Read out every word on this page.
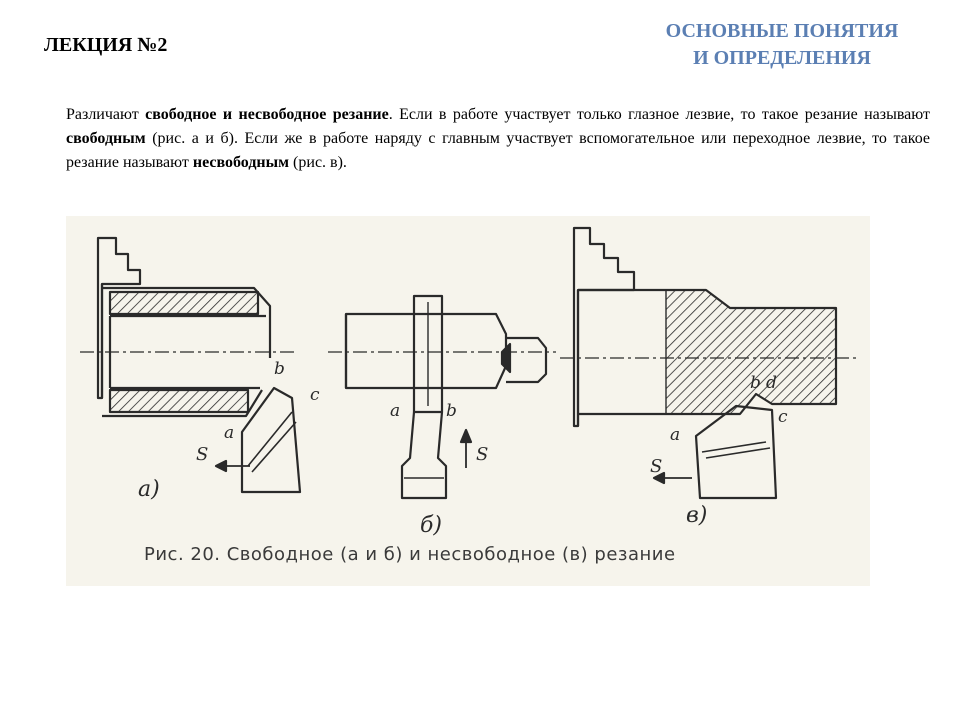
ЛЕКЦИЯ №2
ОСНОВНЫЕ ПОНЯТИЯ
И ОПРЕДЕЛЕНИЯ

Различают свободное и несвободное резание. Если в работе участвует только глазное лезвие, то такое резание называют свободным (рис. а и б). Если же в работе наряду с главным участвует вспомогательное или переходное лезвие, то такое резание называют несвободным (рис. в).

b
c
a
S
а)
a	b
S
б)
b d
c
a
S
в)
Рис. 20. Свободное (а и б) и несвободное (в) резание
